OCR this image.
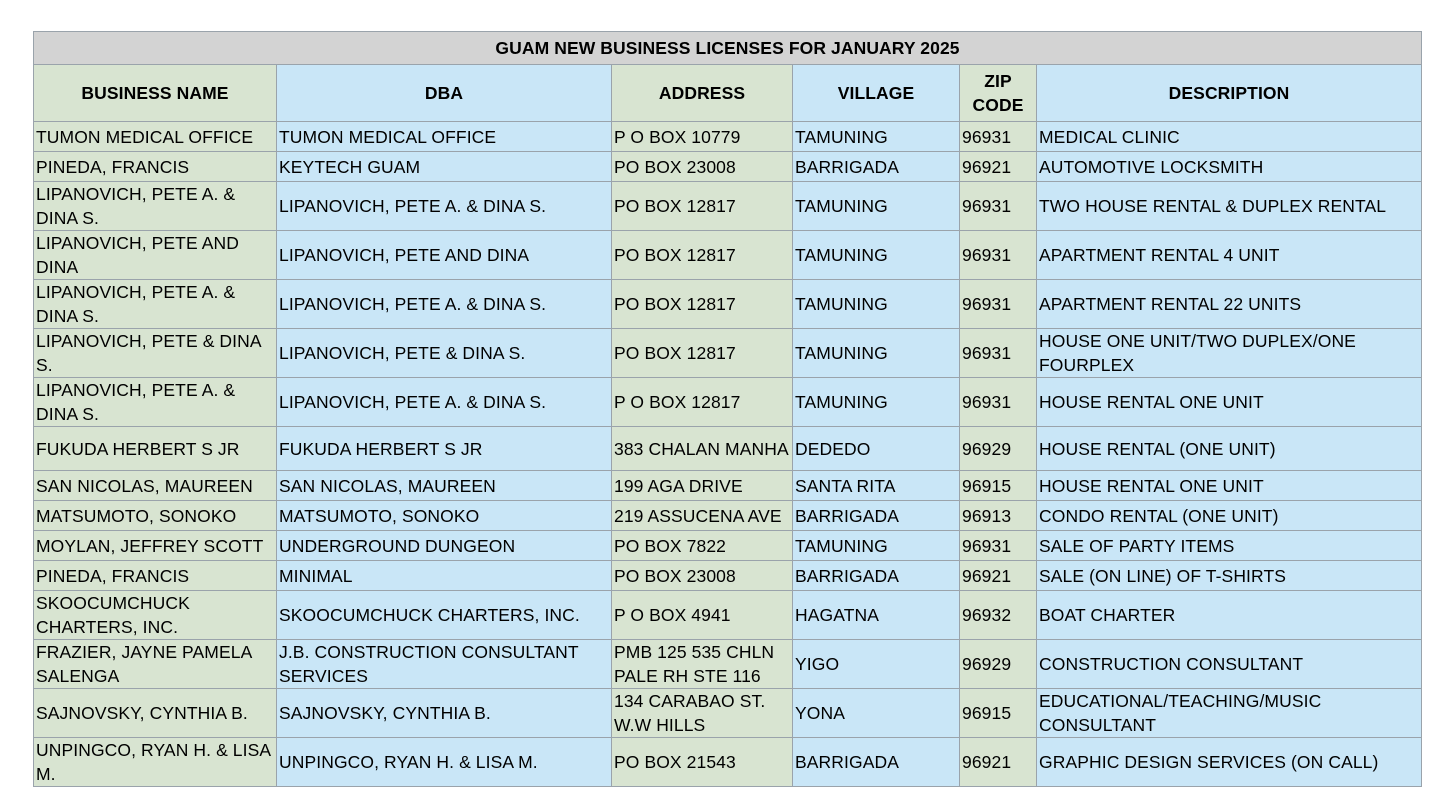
GUAM NEW BUSINESS LICENSES FOR JANUARY 2025					
BUSINESS NAME	DBA	ADDRESS	VILLAGE	ZIP CODE	DESCRIPTION
TUMON MEDICAL OFFICE	TUMON MEDICAL OFFICE	P O BOX 10779	TAMUNING	96931	MEDICAL CLINIC
PINEDA, FRANCIS	KEYTECH GUAM	PO BOX 23008	BARRIGADA	96921	AUTOMOTIVE LOCKSMITH
LIPANOVICH, PETE A. & DINA S.	LIPANOVICH, PETE A. & DINA S.	PO BOX 12817	TAMUNING	96931	TWO HOUSE RENTAL & DUPLEX RENTAL
LIPANOVICH, PETE AND DINA	LIPANOVICH, PETE AND DINA	PO BOX 12817	TAMUNING	96931	APARTMENT RENTAL 4 UNIT
LIPANOVICH, PETE A. & DINA S.	LIPANOVICH, PETE A. & DINA S.	PO BOX 12817	TAMUNING	96931	APARTMENT RENTAL 22 UNITS
LIPANOVICH, PETE & DINA S.	LIPANOVICH, PETE & DINA S.	PO BOX 12817	TAMUNING	96931	HOUSE ONE UNIT/TWO DUPLEX/ONE FOURPLEX
LIPANOVICH, PETE A. & DINA S.	LIPANOVICH, PETE A. & DINA S.	P O BOX 12817	TAMUNING	96931	HOUSE RENTAL ONE UNIT
FUKUDA HERBERT S JR	FUKUDA HERBERT S JR	383 CHALAN MANHA	DEDEDO	96929	HOUSE RENTAL (ONE UNIT)
SAN NICOLAS, MAUREEN	SAN NICOLAS, MAUREEN	199 AGA DRIVE	SANTA RITA	96915	HOUSE RENTAL ONE UNIT
MATSUMOTO, SONOKO	MATSUMOTO, SONOKO	219 ASSUCENA AVE	BARRIGADA	96913	CONDO RENTAL (ONE UNIT)
MOYLAN, JEFFREY SCOTT	UNDERGROUND DUNGEON	PO BOX 7822	TAMUNING	96931	SALE OF PARTY ITEMS
PINEDA, FRANCIS	MINIMAL	PO BOX 23008	BARRIGADA	96921	SALE (ON LINE) OF T-SHIRTS
SKOOCUMCHUCK CHARTERS, INC.	SKOOCUMCHUCK CHARTERS, INC.	P O BOX 4941	HAGATNA	96932	BOAT CHARTER
FRAZIER, JAYNE PAMELA SALENGA	J.B. CONSTRUCTION CONSULTANT SERVICES	PMB 125 535 CHLN PALE RH STE 116	YIGO	96929	CONSTRUCTION CONSULTANT
SAJNOVSKY, CYNTHIA B.	SAJNOVSKY, CYNTHIA B.	134 CARABAO ST. W.W HILLS	YONA	96915	EDUCATIONAL/TEACHING/MUSIC CONSULTANT
UNPINGCO, RYAN H. & LISA M.	UNPINGCO, RYAN H. & LISA M.	PO BOX 21543	BARRIGADA	96921	GRAPHIC DESIGN SERVICES (ON CALL)
